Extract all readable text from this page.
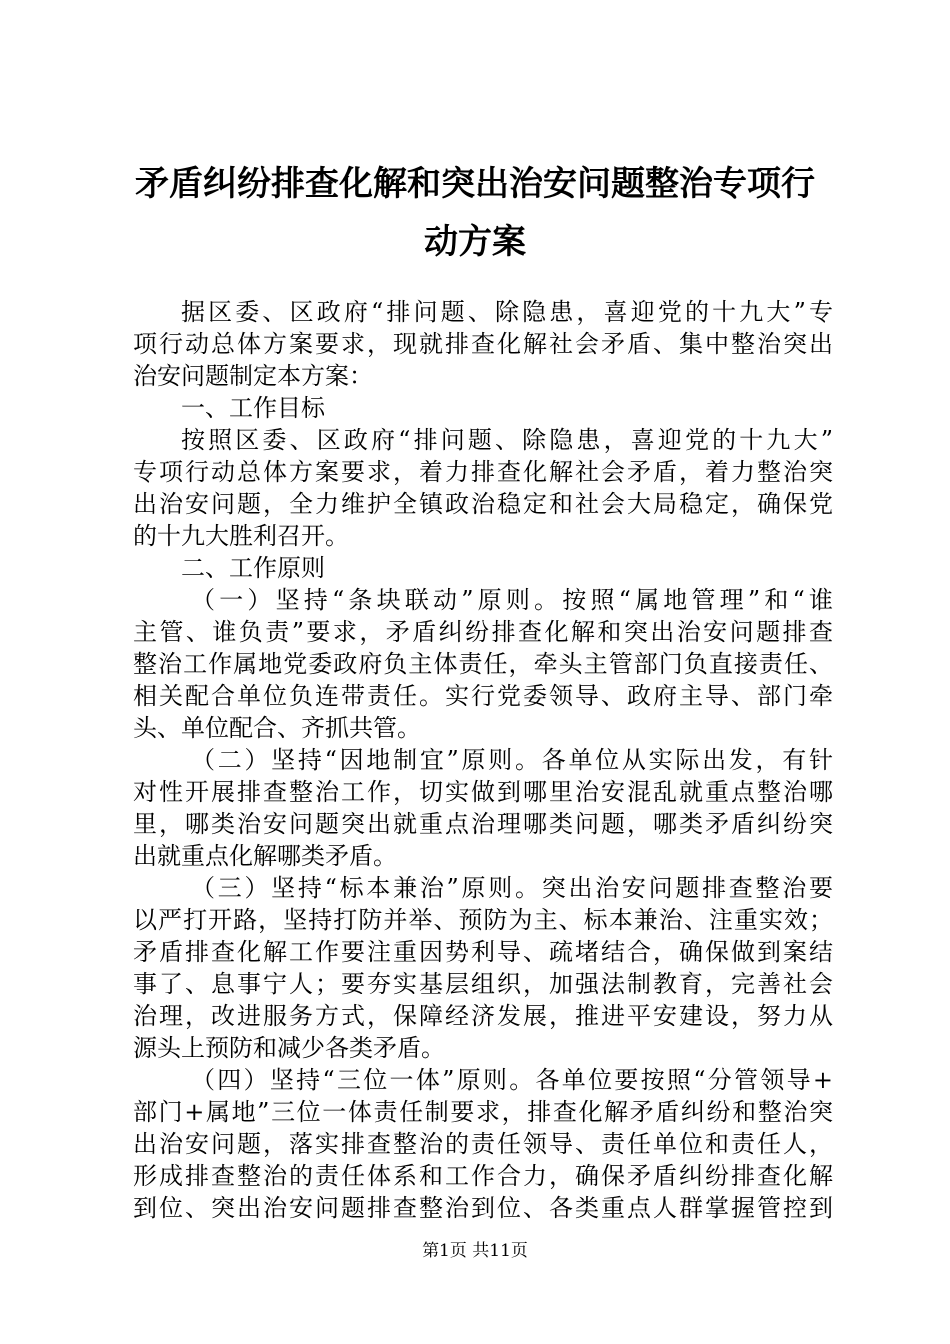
矛盾纠纷排查化解和突出治安问题整治专项行
动方案
据区委、区政府“排问题、除隐患，喜迎党的十九大”专
项行动总体方案要求，现就排查化解社会矛盾、集中整治突出
治安问题制定本方案：
一、工作目标
按照区委、区政府“排问题、除隐患，喜迎党的十九大”
专项行动总体方案要求，着力排查化解社会矛盾，着力整治突
出治安问题，全力维护全镇政治稳定和社会大局稳定，确保党
的十九大胜利召开。
二、工作原则
（一）坚持“条块联动”原则。按照“属地管理”和“谁
主管、谁负责”要求，矛盾纠纷排查化解和突出治安问题排查
整治工作属地党委政府负主体责任，牵头主管部门负直接责任、
相关配合单位负连带责任。实行党委领导、政府主导、部门牵
头、单位配合、齐抓共管。
（二）坚持“因地制宜”原则。各单位从实际出发，有针
对性开展排查整治工作，切实做到哪里治安混乱就重点整治哪
里，哪类治安问题突出就重点治理哪类问题，哪类矛盾纠纷突
出就重点化解哪类矛盾。
（三）坚持“标本兼治”原则。突出治安问题排查整治要
以严打开路，坚持打防并举、预防为主、标本兼治、注重实效；
矛盾排查化解工作要注重因势利导、疏堵结合，确保做到案结
事了、息事宁人；要夯实基层组织，加强法制教育，完善社会
治理，改进服务方式，保障经济发展，推进平安建设，努力从
源头上预防和减少各类矛盾。
（四）坚持“三位一体”原则。各单位要按照“分管领导+
部门+属地”三位一体责任制要求，排查化解矛盾纠纷和整治突
出治安问题，落实排查整治的责任领导、责任单位和责任人，
形成排查整治的责任体系和工作合力，确保矛盾纠纷排查化解
到位、突出治安问题排查整治到位、各类重点人群掌握管控到
第1页 共11页
